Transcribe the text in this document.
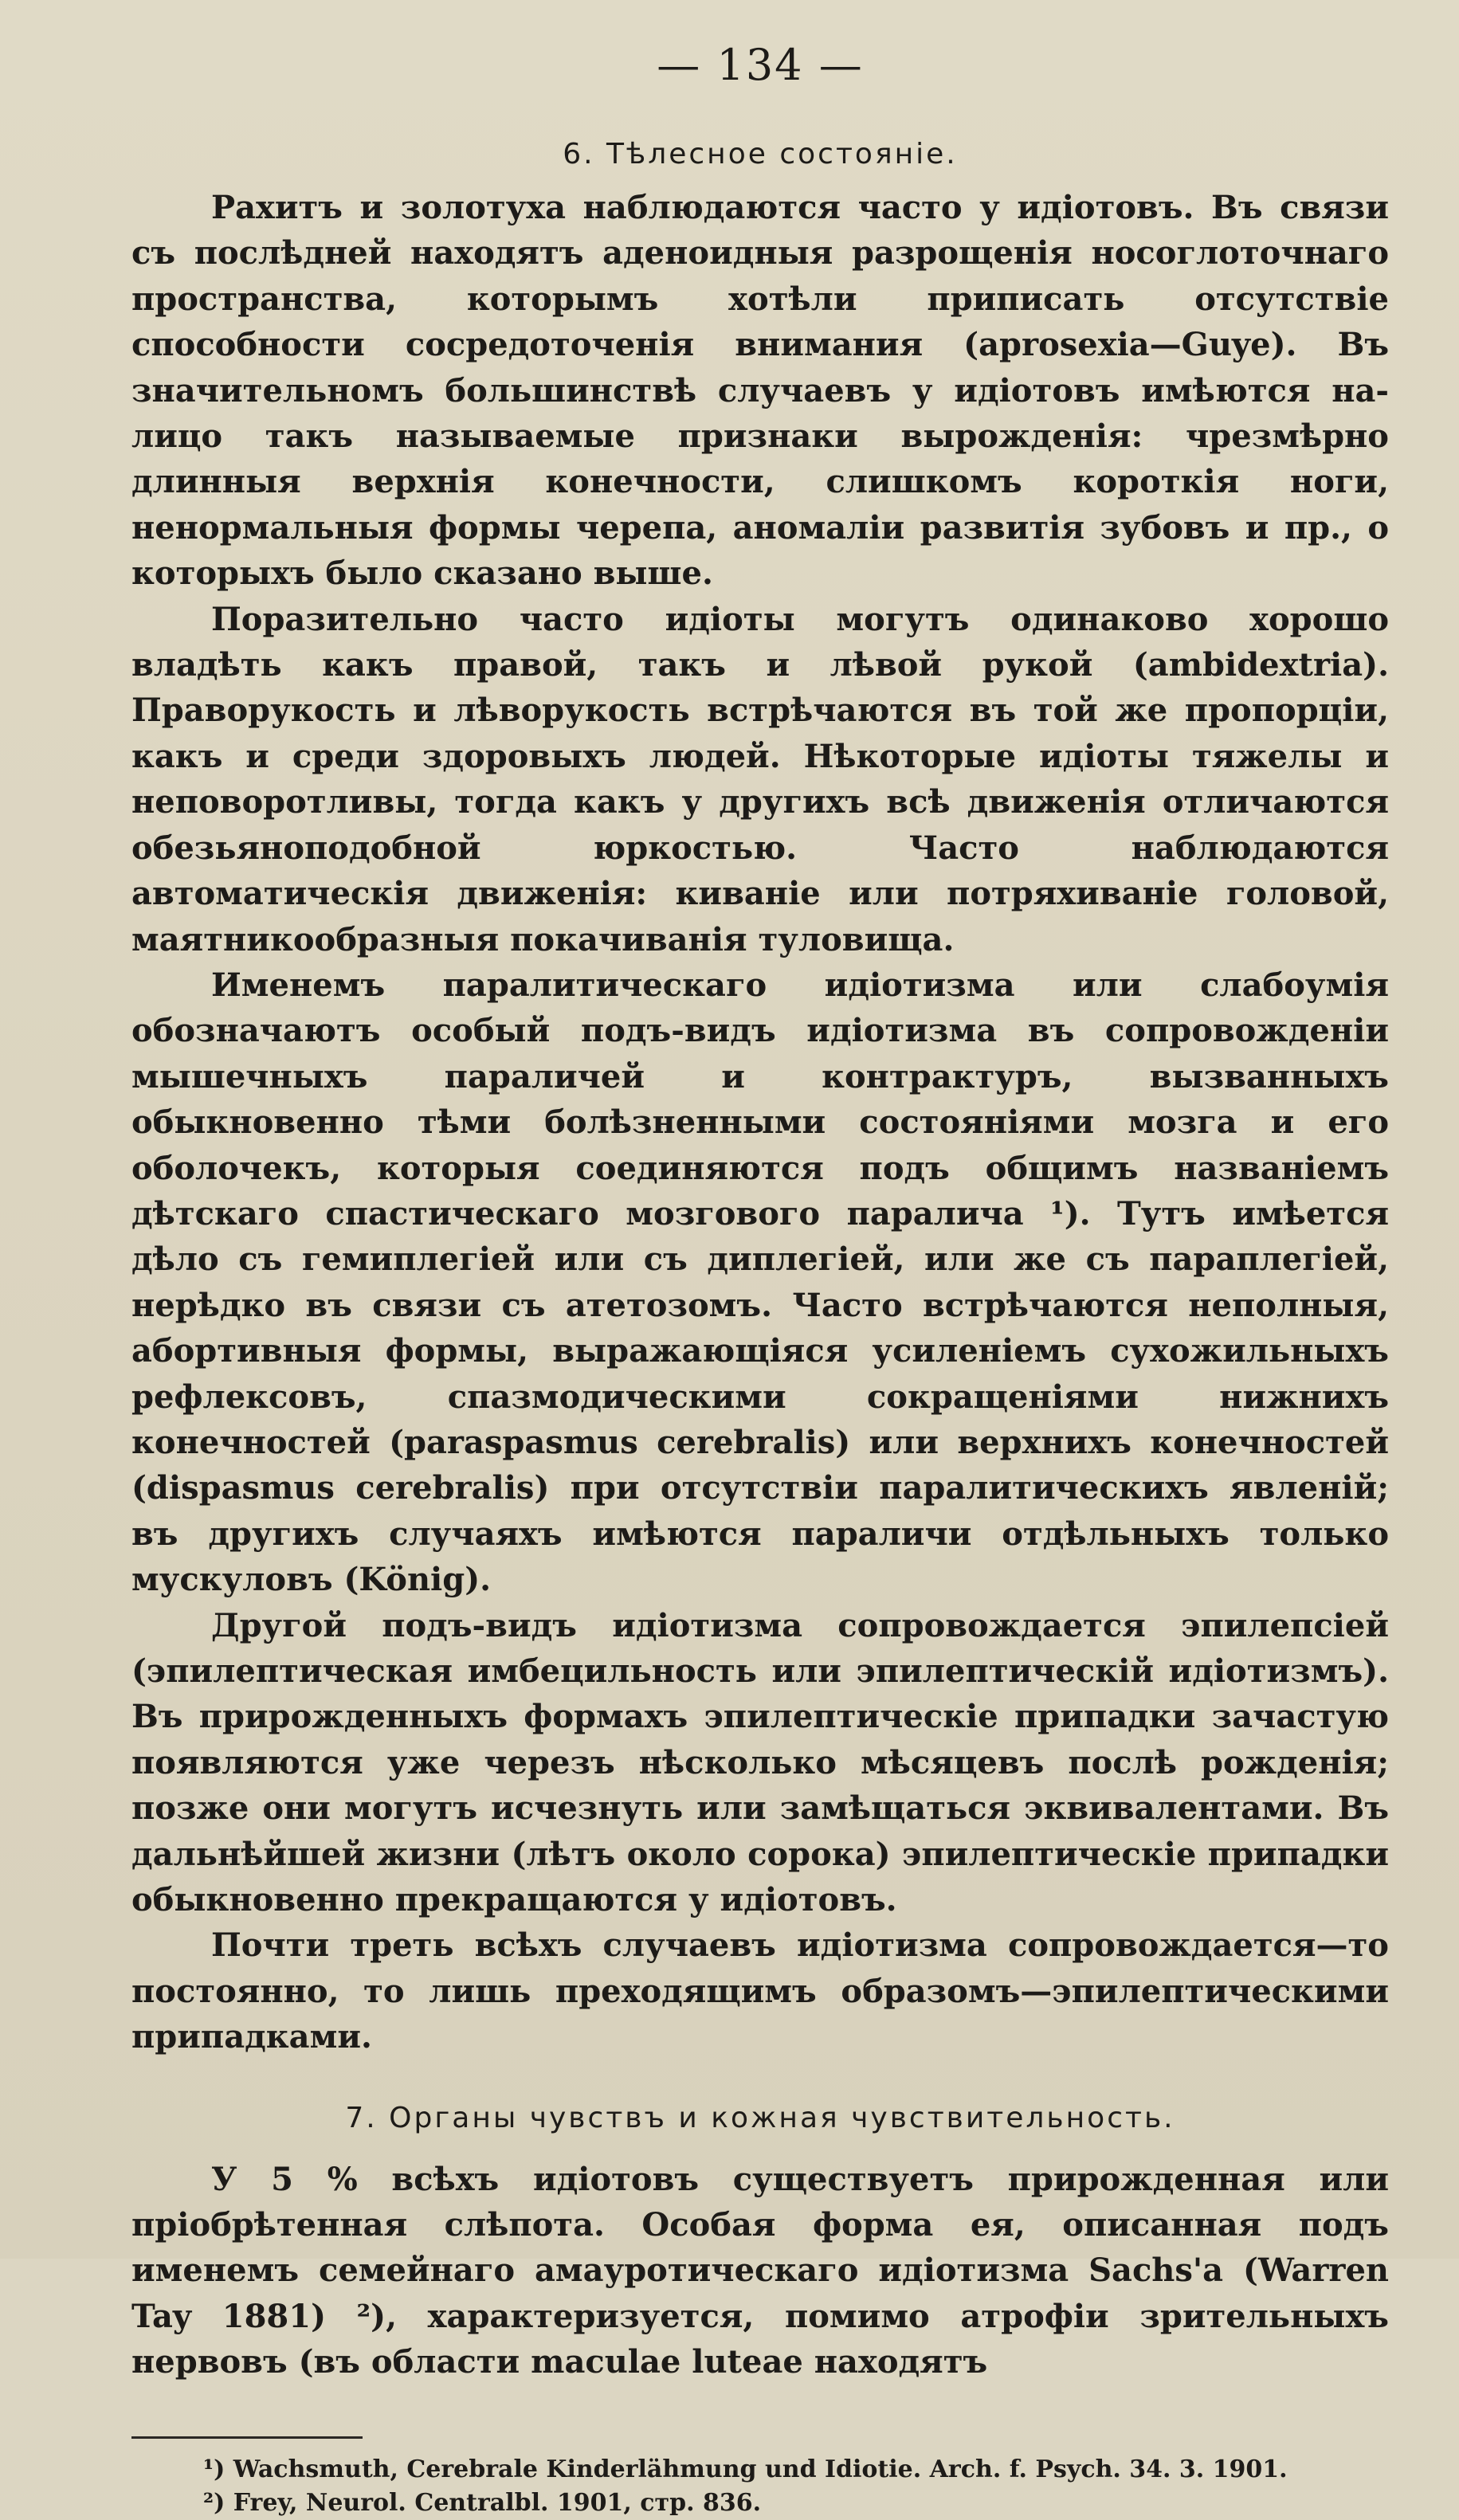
— 134 —
6. Тѣлесное состояніе.

Рахитъ и золотуха наблюдаются часто у идіотовъ. Въ связи съ послѣдней находятъ аденоидныя разрощенія носоглоточнаго пространства, которымъ хотѣли приписать отсутствіе способности сосредоточенія внимания (aprosexia—Guye). Въ значительномъ большинствѣ случаевъ у идіотовъ имѣются на-лицо такъ называемые признаки вырожденія: чрезмѣрно длинныя верхнія конечности, слишкомъ короткія ноги, ненормальныя формы черепа, аномаліи развитія зубовъ и пр., о которыхъ было сказано выше.

Поразительно часто идіоты могутъ одинаково хорошо владѣть какъ правой, такъ и лѣвой рукой (ambidextria). Праворукость и лѣворукость встрѣчаются въ той же пропорціи, какъ и среди здоровыхъ людей. Нѣкоторые идіоты тяжелы и неповоротливы, тогда какъ у другихъ всѣ движенія отличаются обезьяноподобной юркостью. Часто наблюдаются автоматическія движенія: киваніе или потряхиваніе головой, маятникообразныя покачиванія туловища.

Именемъ паралитическаго идіотизма или слабоумія обозначаютъ особый подъ-видъ идіотизма въ сопровожденіи мышечныхъ параличей и контрактуръ, вызванныхъ обыкновенно тѣми болѣзненными состояніями мозга и его оболочекъ, которыя соединяются подъ общимъ названіемъ дѣтскаго спастическаго мозгового паралича ¹). Тутъ имѣется дѣло съ гемиплегіей или съ диплегіей, или же съ параплегіей, нерѣдко въ связи съ атетозомъ. Часто встрѣчаются неполныя, абортивныя формы, выражающіяся усиленіемъ сухожильныхъ рефлексовъ, спазмодическими сокращеніями нижнихъ конечностей (paraspasmus cerebralis) или верхнихъ конечностей (dispasmus cerebralis) при отсутствіи паралитическихъ явленій; въ другихъ случаяхъ имѣются параличи отдѣльныхъ только мускуловъ (König).

Другой подъ-видъ идіотизма сопровождается эпилепсіей (эпилептическая имбецильность или эпилептическій идіотизмъ). Въ прирожденныхъ формахъ эпилептическіе припадки зачастую появляются уже черезъ нѣсколько мѣсяцевъ послѣ рожденія; позже они могутъ исчезнуть или замѣщаться эквивалентами. Въ дальнѣйшей жизни (лѣтъ около сорока) эпилептическіе припадки обыкновенно прекращаются у идіотовъ.

Почти треть всѣхъ случаевъ идіотизма сопровождается—то постоянно, то лишь преходящимъ образомъ—эпилептическими припадками.

7. Органы чувствъ и кожная чувствительность.

У 5 % всѣхъ идіотовъ существуетъ прирожденная или пріобрѣтенная слѣпота. Особая форма ея, описанная подъ именемъ семейнаго амауротическаго идіотизма Sachs'а (Warren Tay 1881) ²), характеризуется, помимо атрофіи зрительныхъ нервовъ (въ области maculae luteae находятъ

¹) Wachsmuth, Cerebrale Kinderlähmung und Idiotie. Arch. f. Psych. 34. 3. 1901.

²) Frey, Neurol. Centralbl. 1901, стр. 836.
